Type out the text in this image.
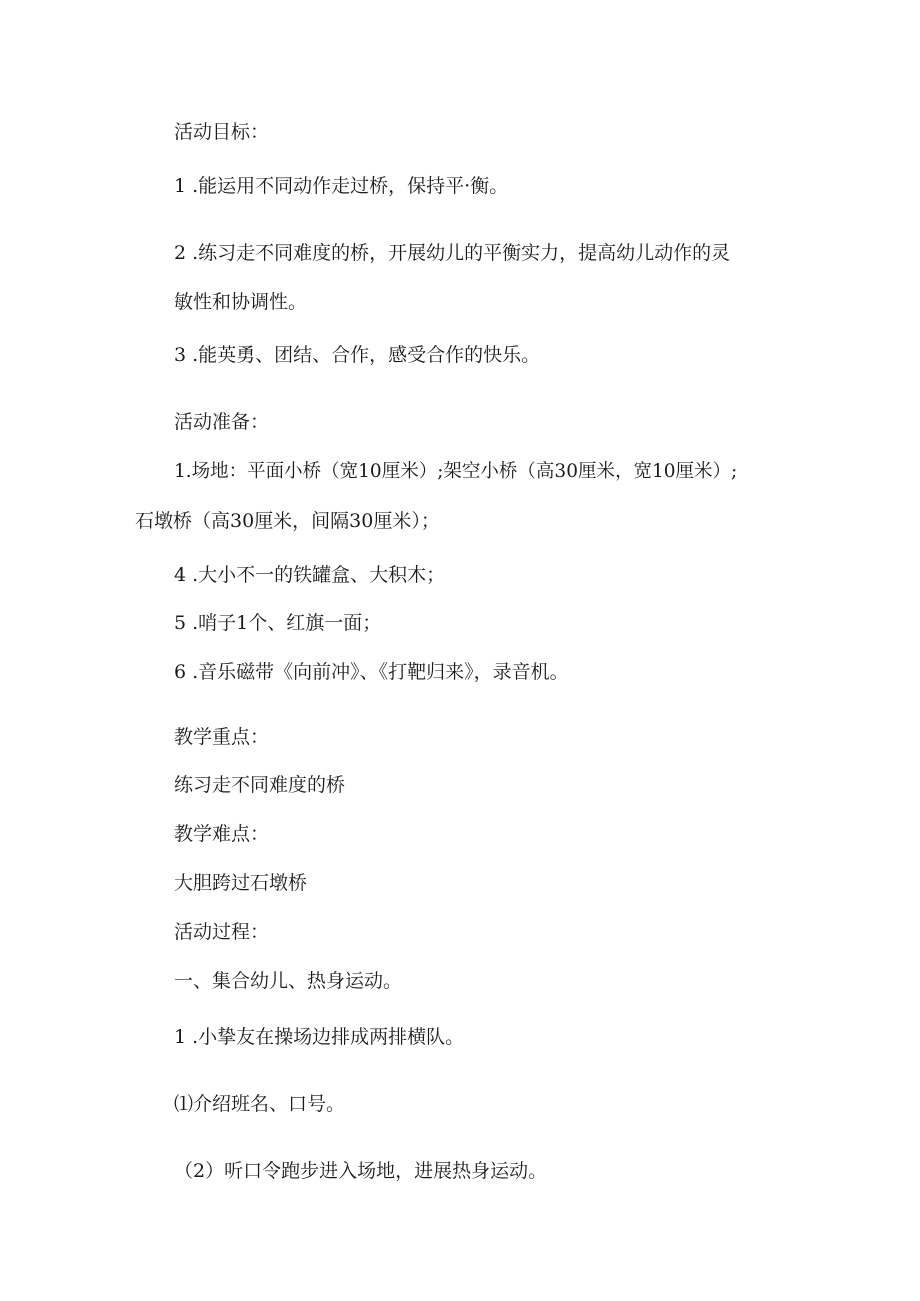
活动目标：
1 .能运用不同动作走过桥，保持平·衡。
2 .练习走不同难度的桥，开展幼儿的平衡实力，提高幼儿动作的灵
敏性和协调性。
3 .能英勇、团结、合作，感受合作的快乐。
活动准备：
1.场地：平面小桥（宽10厘米）;架空小桥（高30厘米，宽10厘米）;
石墩桥（高30厘米，间隔30厘米）；
4 .大小不一的铁罐盒、大积木；
5 .哨子1个、红旗一面；
6 .音乐磁带《向前冲》、《打靶归来》，录音机。
教学重点：
练习走不同难度的桥
教学难点：
大胆跨过石墩桥
活动过程：
一、集合幼儿、热身运动。
1 .小挚友在操场边排成两排横队。
⑴介绍班名、口号。
（2）听口令跑步进入场地，进展热身运动。
